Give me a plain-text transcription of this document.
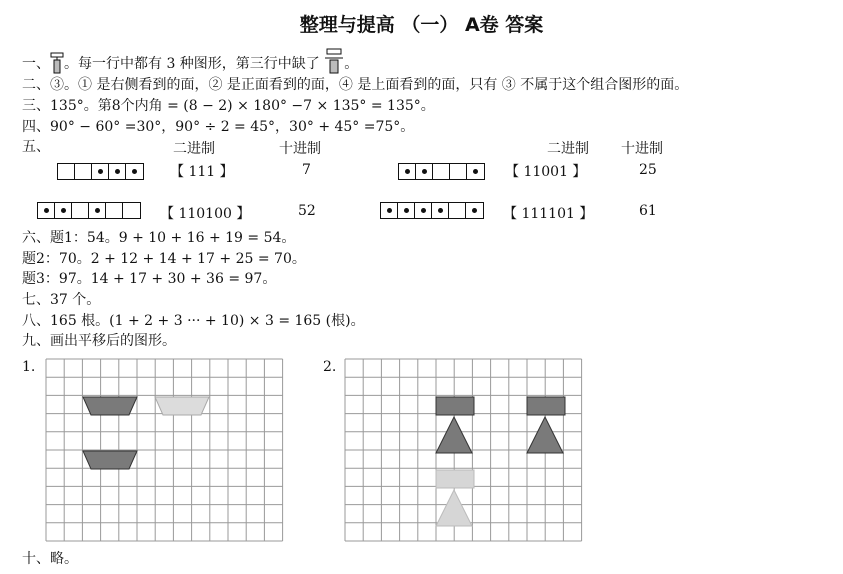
整理与提高 （一） A卷 答案
一、 。每一行中都有 3 种图形，第三行中缺了 。
二、③。① 是右侧看到的面，② 是正面看到的面，④ 是上面看到的面，只有 ③ 不属于这个组合图形的面。
三、135°。第8个内角 = (8 − 2) × 180° −7 × 135° = 135°。
四、90° − 60° =30°，90° ÷ 2 = 45°，30° + 45° =75°。
五、	二进制	十进制	二进制 十进制
【 111 】	7	【 11001 】	25
【 110100 】	52	【 111101 】	61
六、题1：54。9 + 10 + 16 + 19 = 54。
题2：70。2 + 12 + 14 + 17 + 25 = 70。
题3：97。14 + 17 + 30 + 36 = 97。
七、37 个。
八、165 根。(1 + 2 + 3 ··· + 10) × 3 = 165 (根)。
九、画出平移后的图形。
1.	2.
十、略。
